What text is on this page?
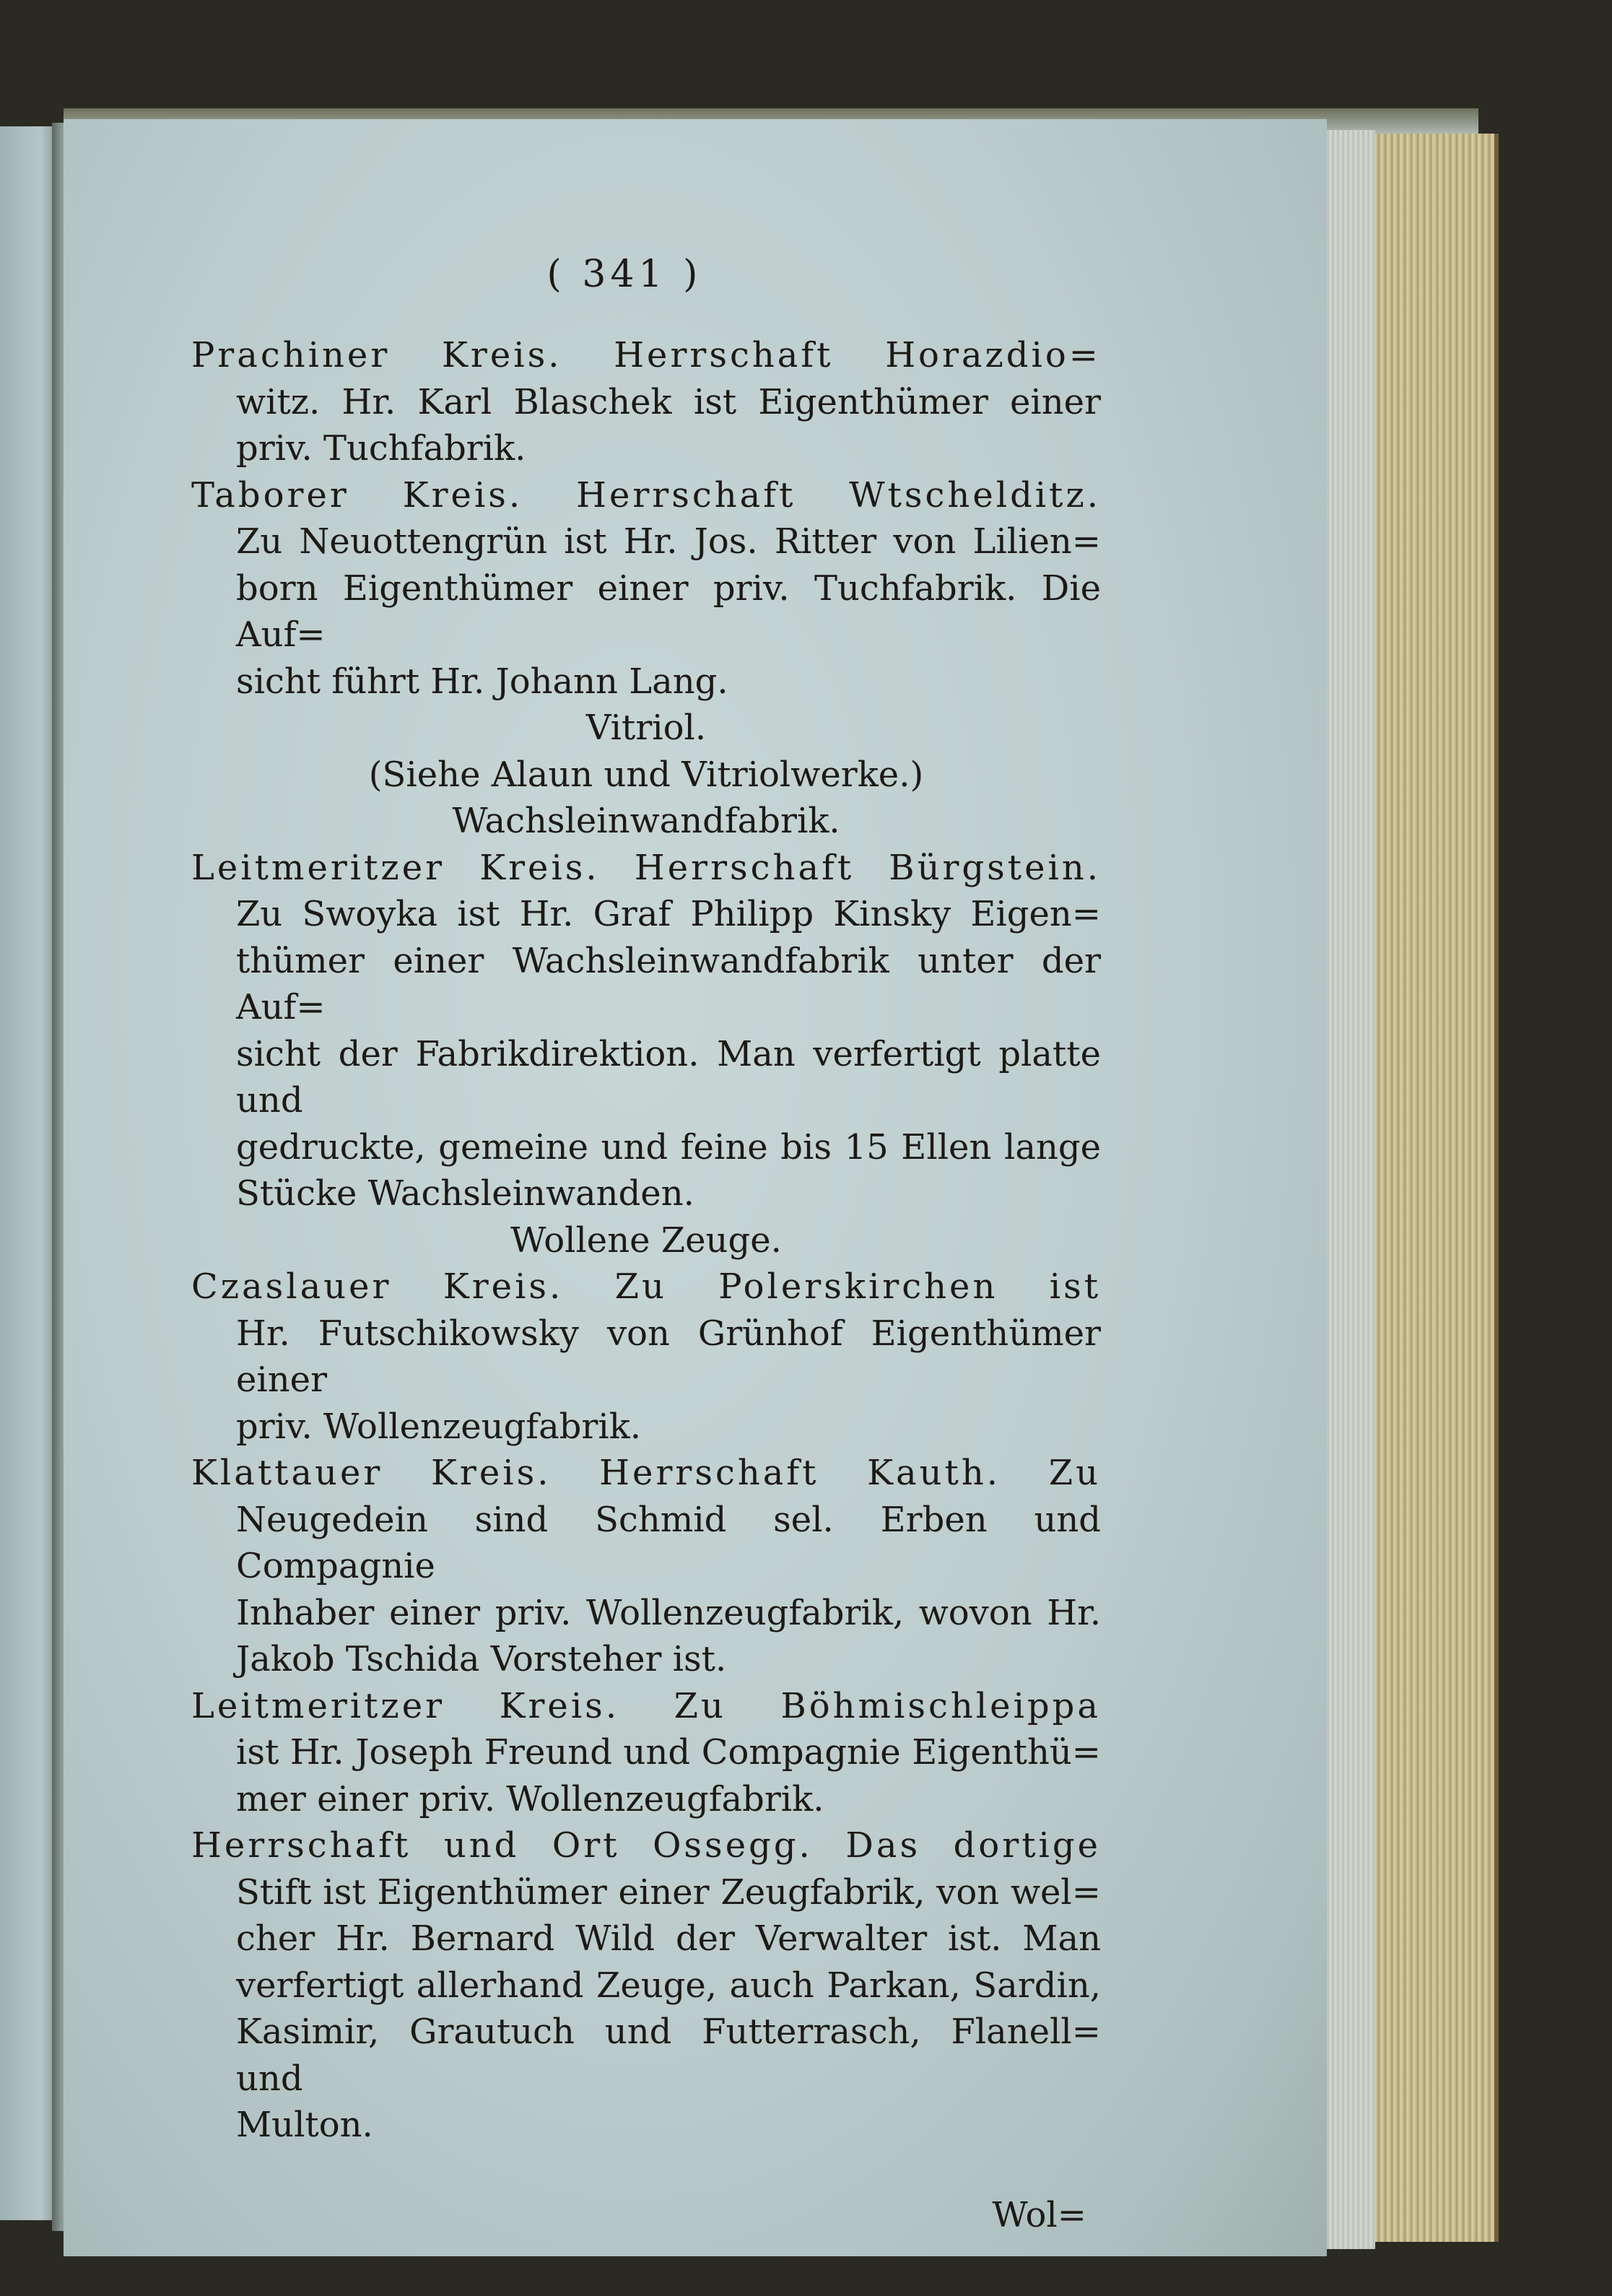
( 341 )
Prachiner Kreis. Herrschaft Horazdio=
witz. Hr. Karl Blaschek ist Eigenthümer einer
priv. Tuchfabrik.
Taborer Kreis. Herrschaft Wtschelditz.
Zu Neuottengrün ist Hr. Jos. Ritter von Lilien=
born Eigenthümer einer priv. Tuchfabrik. Die Auf=
sicht führt Hr. Johann Lang.
Vitriol.
(Siehe Alaun und Vitriolwerke.)
Wachsleinwandfabrik.
Leitmeritzer Kreis. Herrschaft Bürgstein.
Zu Swoyka ist Hr. Graf Philipp Kinsky Eigen=
thümer einer Wachsleinwandfabrik unter der Auf=
sicht der Fabrikdirektion. Man verfertigt platte und
gedruckte, gemeine und feine bis 15 Ellen lange
Stücke Wachsleinwanden.
Wollene Zeuge.
Czaslauer Kreis. Zu Polerskirchen ist
Hr. Futschikowsky von Grünhof Eigenthümer einer
priv. Wollenzeugfabrik.
Klattauer Kreis. Herrschaft Kauth. Zu
Neugedein sind Schmid sel. Erben und Compagnie
Inhaber einer priv. Wollenzeugfabrik, wovon Hr.
Jakob Tschida Vorsteher ist.
Leitmeritzer Kreis. Zu Böhmischleippa
ist Hr. Joseph Freund und Compagnie Eigenthü=
mer einer priv. Wollenzeugfabrik.
Herrschaft und Ort Ossegg. Das dortige
Stift ist Eigenthümer einer Zeugfabrik, von wel=
cher Hr. Bernard Wild der Verwalter ist. Man
verfertigt allerhand Zeuge, auch Parkan, Sardin,
Kasimir, Grautuch und Futterrasch, Flanell= und
Multon.
Wol=
